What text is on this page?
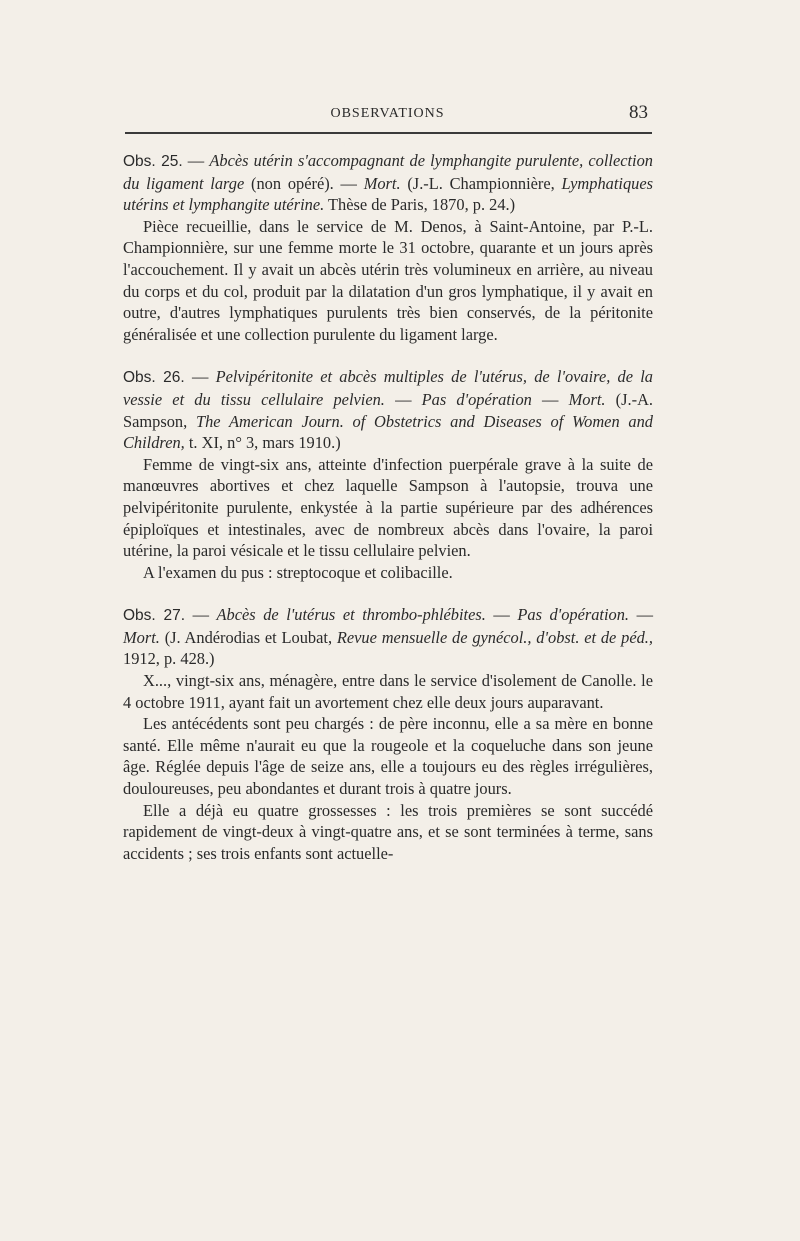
OBSERVATIONS	83

Obs. 25. — Abcès utérin s'accompagnant de lymphangite purulente, collection du ligament large (non opéré). — Mort. (J.-L. Championnière, Lymphatiques utérins et lymphangite utérine. Thèse de Paris, 1870, p. 24.)

Pièce recueillie, dans le service de M. Denos, à Saint-Antoine, par P.-L. Championnière, sur une femme morte le 31 octobre, quarante et un jours après l'accouchement. Il y avait un abcès utérin très volumineux en arrière, au niveau du corps et du col, produit par la dilatation d'un gros lymphatique, il y avait en outre, d'autres lymphatiques purulents très bien conservés, de la péritonite généralisée et une collection purulente du ligament large.

Obs. 26. — Pelvipéritonite et abcès multiples de l'utérus, de l'ovaire, de la vessie et du tissu cellulaire pelvien. — Pas d'opération — Mort. (J.-A. Sampson, The American Journ. of Obstetrics and Diseases of Women and Children, t. XI, n° 3, mars 1910.)

Femme de vingt-six ans, atteinte d'infection puerpérale grave à la suite de manœuvres abortives et chez laquelle Sampson à l'autopsie, trouva une pelvipéritonite purulente, enkystée à la partie supérieure par des adhérences épiploïques et intestinales, avec de nombreux abcès dans l'ovaire, la paroi utérine, la paroi vésicale et le tissu cellulaire pelvien.

A l'examen du pus : streptocoque et colibacille.

Obs. 27. — Abcès de l'utérus et thrombo-phlébites. — Pas d'opération. — Mort. (J. Andérodias et Loubat, Revue mensuelle de gynécol., d'obst. et de péd., 1912, p. 428.)

X..., vingt-six ans, ménagère, entre dans le service d'isolement de Canolle. le 4 octobre 1911, ayant fait un avortement chez elle deux jours auparavant.

Les antécédents sont peu chargés : de père inconnu, elle a sa mère en bonne santé. Elle même n'aurait eu que la rougeole et la coqueluche dans son jeune âge. Réglée depuis l'âge de seize ans, elle a toujours eu des règles irrégulières, douloureuses, peu abondantes et durant trois à quatre jours.

Elle a déjà eu quatre grossesses : les trois premières se sont succédé rapidement de vingt-deux à vingt-quatre ans, et se sont terminées à terme, sans accidents ; ses trois enfants sont actuelle-
